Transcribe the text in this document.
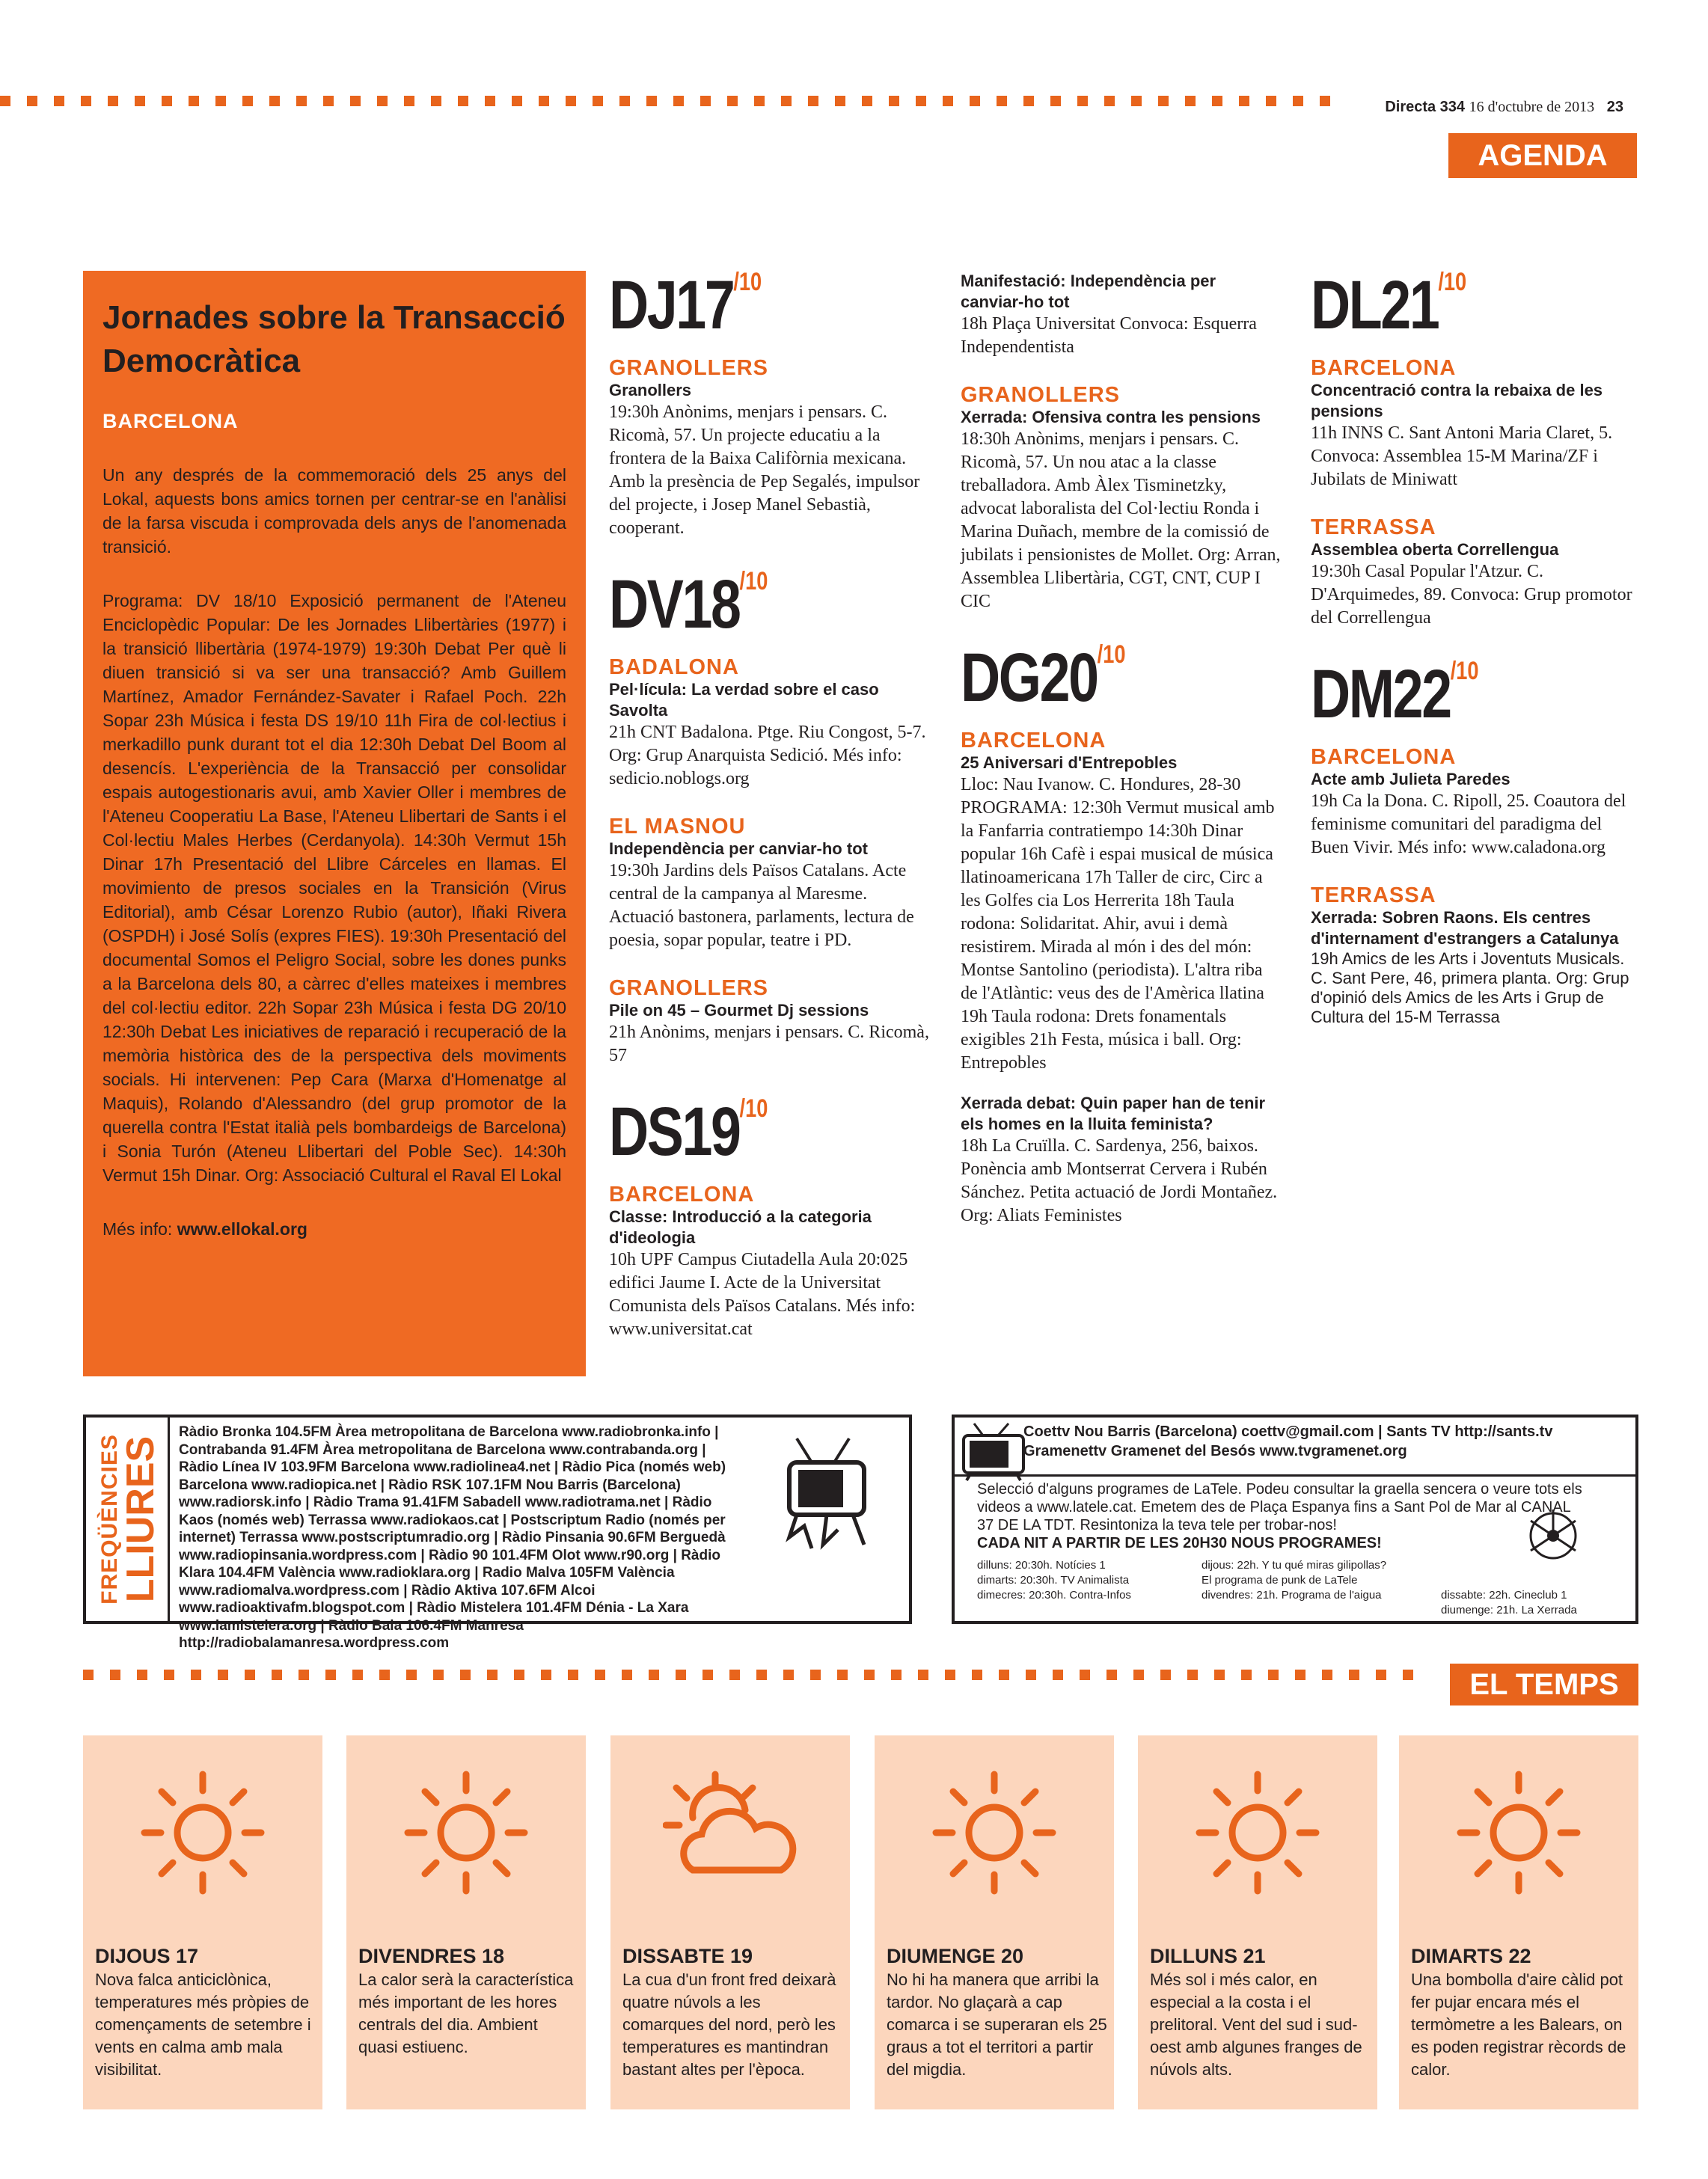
Directa 334 16 d'octubre de 2013 23
AGENDA
Jornades sobre la Transacció Democràtica
BARCELONA

Un any després de la commemoració dels 25 anys del Lokal, aquests bons amics tornen per centrar-se en l'anàlisi de la farsa viscuda i comprovada dels anys de l'anomenada transició.

Programa: DV 18/10 Exposició permanent de l'Ateneu Enciclopèdic Popular: De les Jornades Llibertàries (1977) i la transició llibertària (1974-1979) 19:30h Debat Per què li diuen transició si va ser una transacció? Amb Guillem Martínez, Amador Fernández-Savater i Rafael Poch. 22h Sopar 23h Música i festa DS 19/10 11h Fira de col·lectius i merkadillo punk durant tot el dia 12:30h Debat Del Boom al desencís. L'experiència de la Transacció per consolidar espais autogestionaris avui, amb Xavier Oller i membres de l'Ateneu Cooperatiu La Base, l'Ateneu Llibertari de Sants i el Col·lectiu Males Herbes (Cerdanyola). 14:30h Vermut 15h Dinar 17h Presentació del Llibre Cárceles en llamas. El movimiento de presos sociales en la Transición (Virus Editorial), amb César Lorenzo Rubio (autor), Iñaki Rivera (OSPDH) i José Solís (expres FIES). 19:30h Presentació del documental Somos el Peligro Social, sobre les dones punks a la Barcelona dels 80, a càrrec d'elles mateixes i membres del col·lectiu editor. 22h Sopar 23h Música i festa DG 20/10 12:30h Debat Les iniciatives de reparació i recuperació de la memòria històrica des de la perspectiva dels moviments socials. Hi intervenen: Pep Cara (Marxa d'Homenatge al Maquis), Rolando d'Alessandro (del grup promotor de la querella contra l'Estat italià pels bombardeigs de Barcelona) i Sonia Turón (Ateneu Llibertari del Poble Sec). 14:30h Vermut 15h Dinar. Org: Associació Cultural el Raval El Lokal

Més info: www.ellokal.org

$DJ17^{/10}$
GRANOLLERS
Granollers
19:30h Anònims, menjars i pensars. C. Ricomà, 57. Un projecte educatiu a la frontera de la Baixa Califòrnia mexicana. Amb la presència de Pep Segalés, impulsor del projecte, i Josep Manel Sebastià, cooperant.
$DV18^{/10}$
BADALONA
Pel·lícula: La verdad sobre el caso Savolta
21h CNT Badalona. Ptge. Riu Congost, 5-7. Org: Grup Anarquista Sedició. Més info: sedicio.noblogs.org
EL MASNOU
Independència per canviar-ho tot
19:30h Jardins dels Països Catalans. Acte central de la campanya al Maresme. Actuació bastonera, parlaments, lectura de poesia, sopar popular, teatre i PD.
GRANOLLERS
Pile on 45 – Gourmet Dj sessions
21h Anònims, menjars i pensars. C. Ricomà, 57
$DS19^{/10}$
BARCELONA
Classe: Introducció a la categoria d'ideologia
10h UPF Campus Ciutadella Aula 20:025 edifici Jaume I. Acte de la Universitat Comunista dels Països Catalans. Més info: www.universitat.cat
Manifestació: Independència per canviar-ho tot
18h Plaça Universitat Convoca: Esquerra Independentista
GRANOLLERS
Xerrada: Ofensiva contra les pensions
18:30h Anònims, menjars i pensars. C. Ricomà, 57. Un nou atac a la classe treballadora. Amb Àlex Tisminetzky, advocat laboralista del Col·lectiu Ronda i Marina Duñach, membre de la comissió de jubilats i pensionistes de Mollet. Org: Arran, Assemblea Llibertària, CGT, CNT, CUP I CIC
$DG20^{/10}$
BARCELONA
25 Aniversari d'Entrepobles
Lloc: Nau Ivanow. C. Hondures, 28-30 PROGRAMA: 12:30h Vermut musical amb la Fanfarria contratiempo 14:30h Dinar popular 16h Cafè i espai musical de música llatinoamericana 17h Taller de circ, Circ a les Golfes cia Los Herrerita 18h Taula rodona: Solidaritat. Ahir, avui i demà resistirem. Mirada al món i des del món: Montse Santolino (periodista). L'altra riba de l'Atlàntic: veus des de l'Amèrica llatina 19h Taula rodona: Drets fonamentals exigibles 21h Festa, música i ball. Org: Entrepobles
Xerrada debat: Quin paper han de tenir els homes en la lluita feminista?
18h La Cruïlla. C. Sardenya, 256, baixos. Ponència amb Montserrat Cervera i Rubén Sánchez. Petita actuació de Jordi Montañez. Org: Aliats Feministes
$DL21^{/10}$
BARCELONA
Concentració contra la rebaixa de les pensions
11h INNS C. Sant Antoni Maria Claret, 5. Convoca: Assemblea 15-M Marina/ZF i Jubilats de Miniwatt
TERRASSA
Assemblea oberta Correllengua
19:30h Casal Popular l'Atzur. C. D'Arquimedes, 89. Convoca: Grup promotor del Correllengua
$DM22^{/10}$
BARCELONA
Acte amb Julieta Paredes
19h Ca la Dona. C. Ripoll, 25. Coautora del feminisme comunitari del paradigma del Buen Vivir. Més info: www.caladona.org
TERRASSA
Xerrada: Sobren Raons. Els centres d'internament d'estrangers a Catalunya
19h Amics de les Arts i Joventuts Musicals. C. Sant Pere, 46, primera planta. Org: Grup d'opinió dels Amics de les Arts i Grup de Cultura del 15-M Terrassa
FREQÜÈNCIES
LLIURES
Ràdio Bronka 104.5FM Àrea metropolitana de Barcelona www.radiobronka.info | Contrabanda 91.4FM Àrea metropolitana de Barcelona www.contrabanda.org | Ràdio Línea IV 103.9FM Barcelona www.radiolinea4.net | Ràdio Pica (només web) Barcelona www.radiopica.net | Ràdio RSK 107.1FM Nou Barris (Barcelona) www.radiorsk.info | Ràdio Trama 91.41FM Sabadell www.radiotrama.net | Ràdio Kaos (només web) Terrassa www.radiokaos.cat | Postscriptum Radio (només per internet) Terrassa www.postscriptumradio.org | Ràdio Pinsania 90.6FM Berguedà www.radiopinsania.wordpress.com | Ràdio 90 101.4FM Olot www.r90.org | Ràdio Klara 104.4FM València www.radioklara.org | Radio Malva 105FM València www.radiomalva.wordpress.com | Ràdio Aktiva 107.6FM Alcoi www.radioaktivafm.blogspot.com | Ràdio Mistelera 101.4FM Dénia - La Xara www.lamistelera.org | Ràdio Bala 106.4FM Manresa http://radiobalamanresa.wordpress.com
Coettv Nou Barris (Barcelona) coettv@gmail.com | Sants TV http://sants.tv
Gramenettv Gramenet del Besós www.tvgramenet.org
Selecció d'alguns programes de LaTele. Podeu consultar la graella sencera o veure tots els videos a www.latele.cat. Emetem des de Plaça Espanya fins a Sant Pol de Mar al CANAL 37 DE LA TDT. Resintoniza la teva tele per trobar-nos!
CADA NIT A PARTIR DE LES 20H30 NOUS PROGRAMES!
dilluns: 20:30h. Notícies 1
dimarts: 20:30h. TV Animalista
dimecres: 20:30h. Contra-Infos
dijous: 22h. Y tu qué miras gilipollas?
El programa de punk de LaTele
divendres: 21h. Programa de l'aigua	dissabte: 22h. Cineclub 1
diumenge: 21h. La Xerrada
EL TEMPS
DIJOUS 17
Nova falca anticiclònica, temperatures més pròpies de començaments de setembre i vents en calma amb mala visibilitat.
DIVENDRES 18
La calor serà la característica més important de les hores centrals del dia. Ambient quasi estiuenc.
DISSABTE 19
La cua d'un front fred deixarà quatre núvols a les comarques del nord, però les temperatures es mantindran bastant altes per l'època.
DIUMENGE 20
No hi ha manera que arribi la tardor. No glaçarà a cap comarca i se superaran els 25 graus a tot el territori a partir del migdia.
DILLUNS 21
Més sol i més calor, en especial a la costa i el prelitoral. Vent del sud i sud-oest amb algunes franges de núvols alts.
DIMARTS 22
Una bombolla d'aire càlid pot fer pujar encara més el termòmetre a les Balears, on es poden registrar rècords de calor.
